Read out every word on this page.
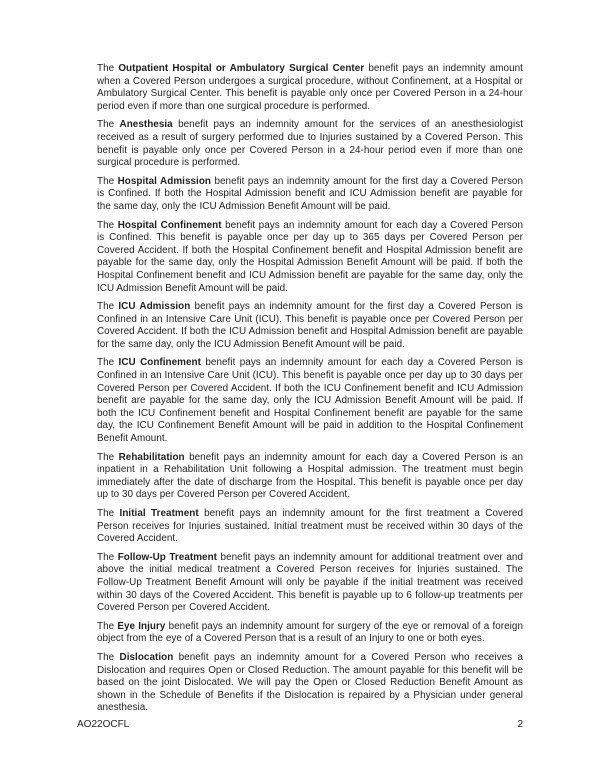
The Outpatient Hospital or Ambulatory Surgical Center benefit pays an indemnity amount when a Covered Person undergoes a surgical procedure, without Confinement, at a Hospital or Ambulatory Surgical Center. This benefit is payable only once per Covered Person in a 24-hour period even if more than one surgical procedure is performed.

The Anesthesia benefit pays an indemnity amount for the services of an anesthesiologist received as a result of surgery performed due to Injuries sustained by a Covered Person. This benefit is payable only once per Covered Person in a 24-hour period even if more than one surgical procedure is performed.

The Hospital Admission benefit pays an indemnity amount for the first day a Covered Person is Confined. If both the Hospital Admission benefit and ICU Admission benefit are payable for the same day, only the ICU Admission Benefit Amount will be paid.

The Hospital Confinement benefit pays an indemnity amount for each day a Covered Person is Confined. This benefit is payable once per day up to 365 days per Covered Person per Covered Accident. If both the Hospital Confinement benefit and Hospital Admission benefit are payable for the same day, only the Hospital Admission Benefit Amount will be paid. If both the Hospital Confinement benefit and ICU Admission benefit are payable for the same day, only the ICU Admission Benefit Amount will be paid.

The ICU Admission benefit pays an indemnity amount for the first day a Covered Person is Confined in an Intensive Care Unit (ICU). This benefit is payable once per Covered Person per Covered Accident. If both the ICU Admission benefit and Hospital Admission benefit are payable for the same day, only the ICU Admission Benefit Amount will be paid.

The ICU Confinement benefit pays an indemnity amount for each day a Covered Person is Confined in an Intensive Care Unit (ICU). This benefit is payable once per day up to 30 days per Covered Person per Covered Accident. If both the ICU Confinement benefit and ICU Admission benefit are payable for the same day, only the ICU Admission Benefit Amount will be paid. If both the ICU Confinement benefit and Hospital Confinement benefit are payable for the same day, the ICU Confinement Benefit Amount will be paid in addition to the Hospital Confinement Benefit Amount.

The Rehabilitation benefit pays an indemnity amount for each day a Covered Person is an inpatient in a Rehabilitation Unit following a Hospital admission. The treatment must begin immediately after the date of discharge from the Hospital. This benefit is payable once per day up to 30 days per Covered Person per Covered Accident.

The Initial Treatment benefit pays an indemnity amount for the first treatment a Covered Person receives for Injuries sustained. Initial treatment must be received within 30 days of the Covered Accident.

The Follow-Up Treatment benefit pays an indemnity amount for additional treatment over and above the initial medical treatment a Covered Person receives for Injuries sustained. The Follow-Up Treatment Benefit Amount will only be payable if the initial treatment was received within 30 days of the Covered Accident. This benefit is payable up to 6 follow-up treatments per Covered Person per Covered Accident.

The Eye Injury benefit pays an indemnity amount for surgery of the eye or removal of a foreign object from the eye of a Covered Person that is a result of an Injury to one or both eyes.

The Dislocation benefit pays an indemnity amount for a Covered Person who receives a Dislocation and requires Open or Closed Reduction. The amount payable for this benefit will be based on the joint Dislocated. We will pay the Open or Closed Reduction Benefit Amount as shown in the Schedule of Benefits if the Dislocation is repaired by a Physician under general anesthesia.

AO22OCFL	2
